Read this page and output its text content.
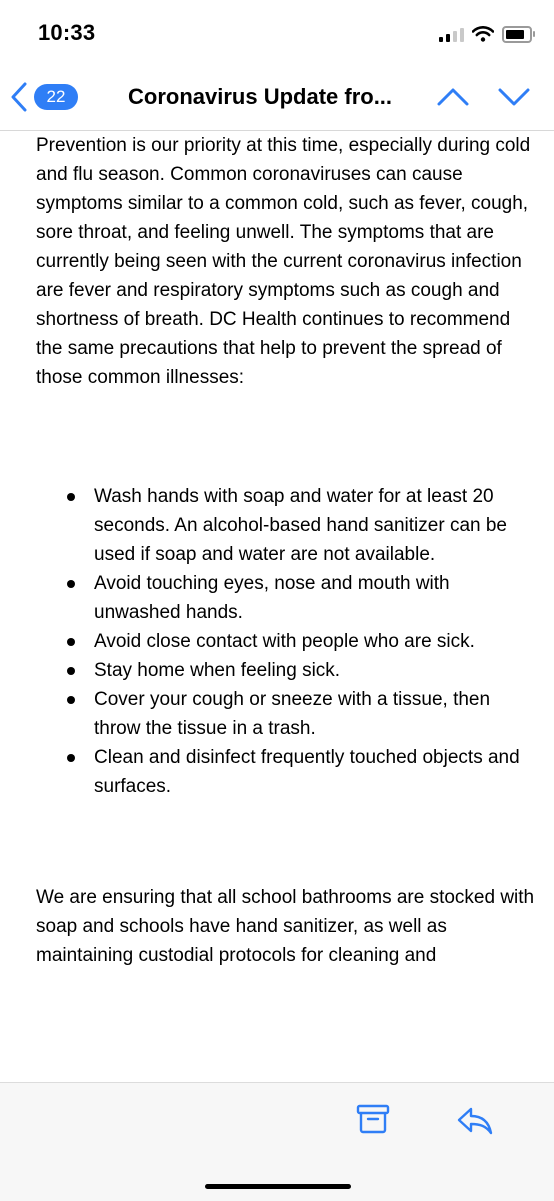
10:33
22	Coronavirus Update fro...

Prevention is our priority at this time, especially during cold and flu season. Common coronaviruses can cause symptoms similar to a common cold, such as fever, cough, sore throat, and feeling unwell. The symptoms that are currently being seen with the current coronavirus infection are fever and respiratory symptoms such as cough and shortness of breath. DC Health continues to recommend the same precautions that help to prevent the spread of those common illnesses:

Wash hands with soap and water for at least 20 seconds. An alcohol-based hand sanitizer can be used if soap and water are not available.
Avoid touching eyes, nose and mouth with unwashed hands.
Avoid close contact with people who are sick.
Stay home when feeling sick.
Cover your cough or sneeze with a tissue, then throw the tissue in a trash.
Clean and disinfect frequently touched objects and surfaces.

We are ensuring that all school bathrooms are stocked with soap and schools have hand sanitizer, as well as maintaining custodial protocols for cleaning and
